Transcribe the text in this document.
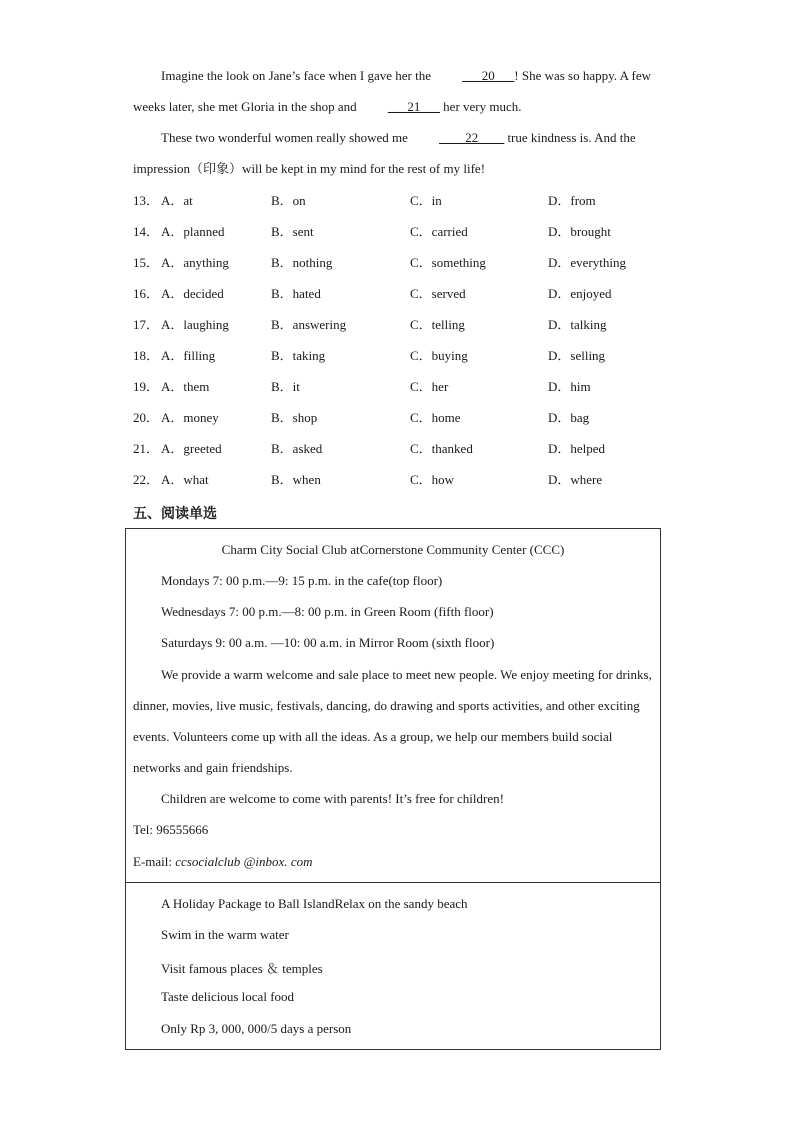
Imagine the look on Jane’s face when I gave her the ___20___! She was so happy. A few weeks later, she met Gloria in the shop and ___21___ her very much.

These two wonderful women really showed me ____22____ true kindness is. And the impression（印象）will be kept in my mind for the rest of my life!

13． A．at	B．on	C．in	D．from
14． A．planned	B．sent	C．carried	D．brought
15． A．anything	B．nothing	C．something	D．everything
16． A．decided	B．hated	C．served	D．enjoyed
17． A．laughing	B．answering	C．telling	D．talking
18． A．filling	B．taking	C．buying	D．selling
19． A．them	B．it	C．her	D．him
20． A．money	B．shop	C．home	D．bag
21． A．greeted	B．asked	C．thanked	D．helped
22． A．what	B．when	C．how	D．where
五、阅读单选
Charm City Social Club atCornerstone Community Center (CCC)
Mondays 7: 00 p.m.—9: 15 p.m. in the cafe(top floor)
Wednesdays 7: 00 p.m.—8: 00 p.m. in Green Room (fifth floor)
Saturdays 9: 00 a.m. —10: 00 a.m. in Mirror Room (sixth floor)

We provide a warm welcome and sale place to meet new people. We enjoy meeting for drinks, dinner, movies, live music, festivals, dancing, do drawing and sports activities, and other exciting events. Volunteers come up with all the ideas. As a group, we help our members build social networks and gain friendships.

Children are welcome to come with parents! It’s free for children!
Tel: 96555666
E-mail: ccsocialclub @inbox. com
A Holiday Package to Ball IslandRelax on the sandy beach
Swim in the warm water
Visit famous places ＆ temples
Taste delicious local food
Only Rp 3, 000, 000/5 days a person
